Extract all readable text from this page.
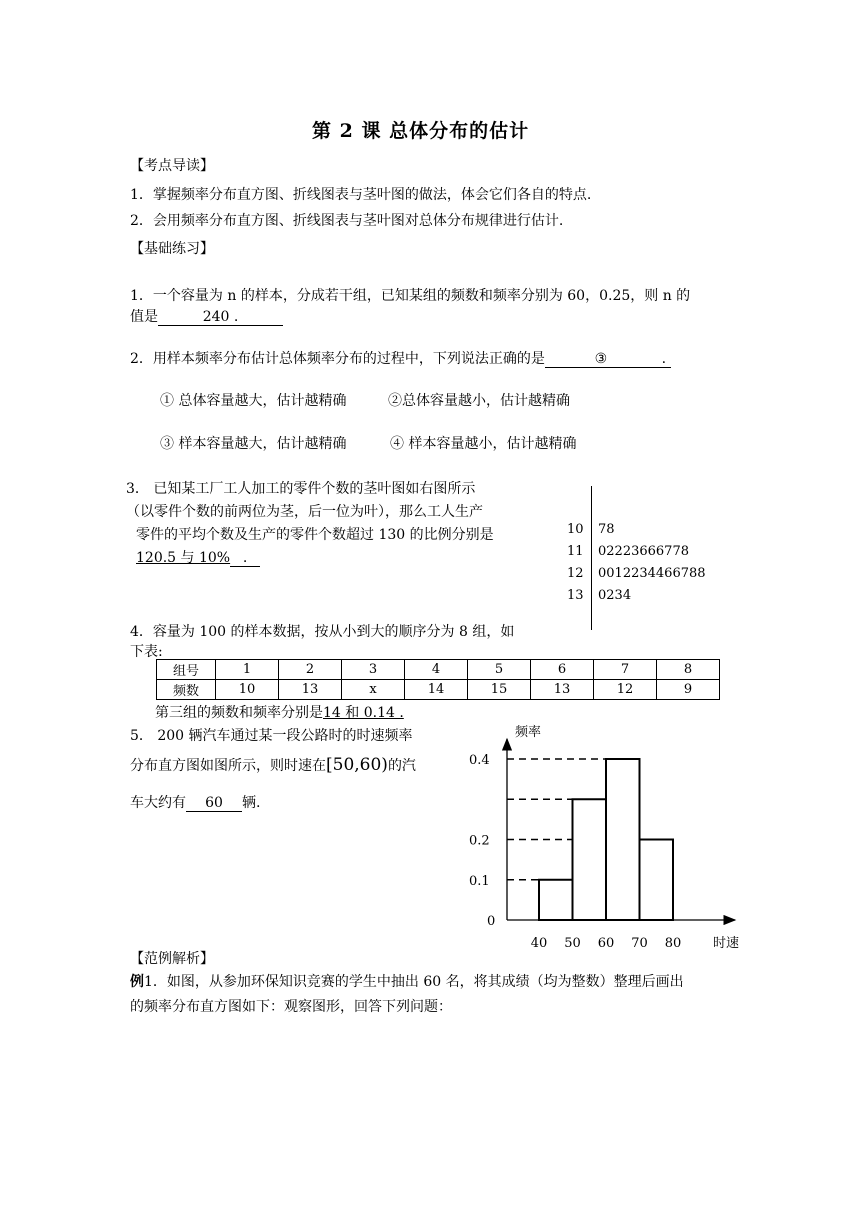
第 2 课 总体分布的估计
【考点导读】
1．掌握频率分布直方图、折线图表与茎叶图的做法，体会它们各自的特点.
2．会用频率分布直方图、折线图表与茎叶图对总体分布规律进行估计.
【基础练习】
1．一个容量为 n 的样本，分成若干组，已知某组的频数和频率分别为 60，0.25，则 n 的
值是	240 .
2．用样本频率分布估计总体频率分布的过程中，下列说法正确的是	③	.
① 总体容量越大，估计越精确	②总体容量越小，估计越精确
③ 样本容量越大，估计越精确	④ 样本容量越小，估计越精确
3． 已知某工厂工人加工的零件个数的茎叶图如右图所示
（以零件个数的前两位为茎，后一位为叶），那么工人生产
零件的平均个数及生产的零件个数超过 130 的比例分别是
120.5 与 10% .
10 78
11 02223666778
12 0012234466788
13 0234
4．容量为 100 的样本数据，按从小到大的顺序分为 8 组，如
下表:
组号	1	2	3	4	5	6	7	8
频数	10	13	x	14	15	13	12	9
第三组的频数和频率分别是14 和 0.14 .
5． 200 辆汽车通过某一段公路时的时速频率
分布直方图如图所示，则时速在[50,60)的汽
车大约有 60 辆.
频率
0.4
0.2
0.1
0
40 50 60 70 80 时速
【范例解析】
例1．如图，从参加环保知识竞赛的学生中抽出 60 名，将其成绩（均为整数）整理后画出
的频率分布直方图如下：观察图形，回答下列问题：
